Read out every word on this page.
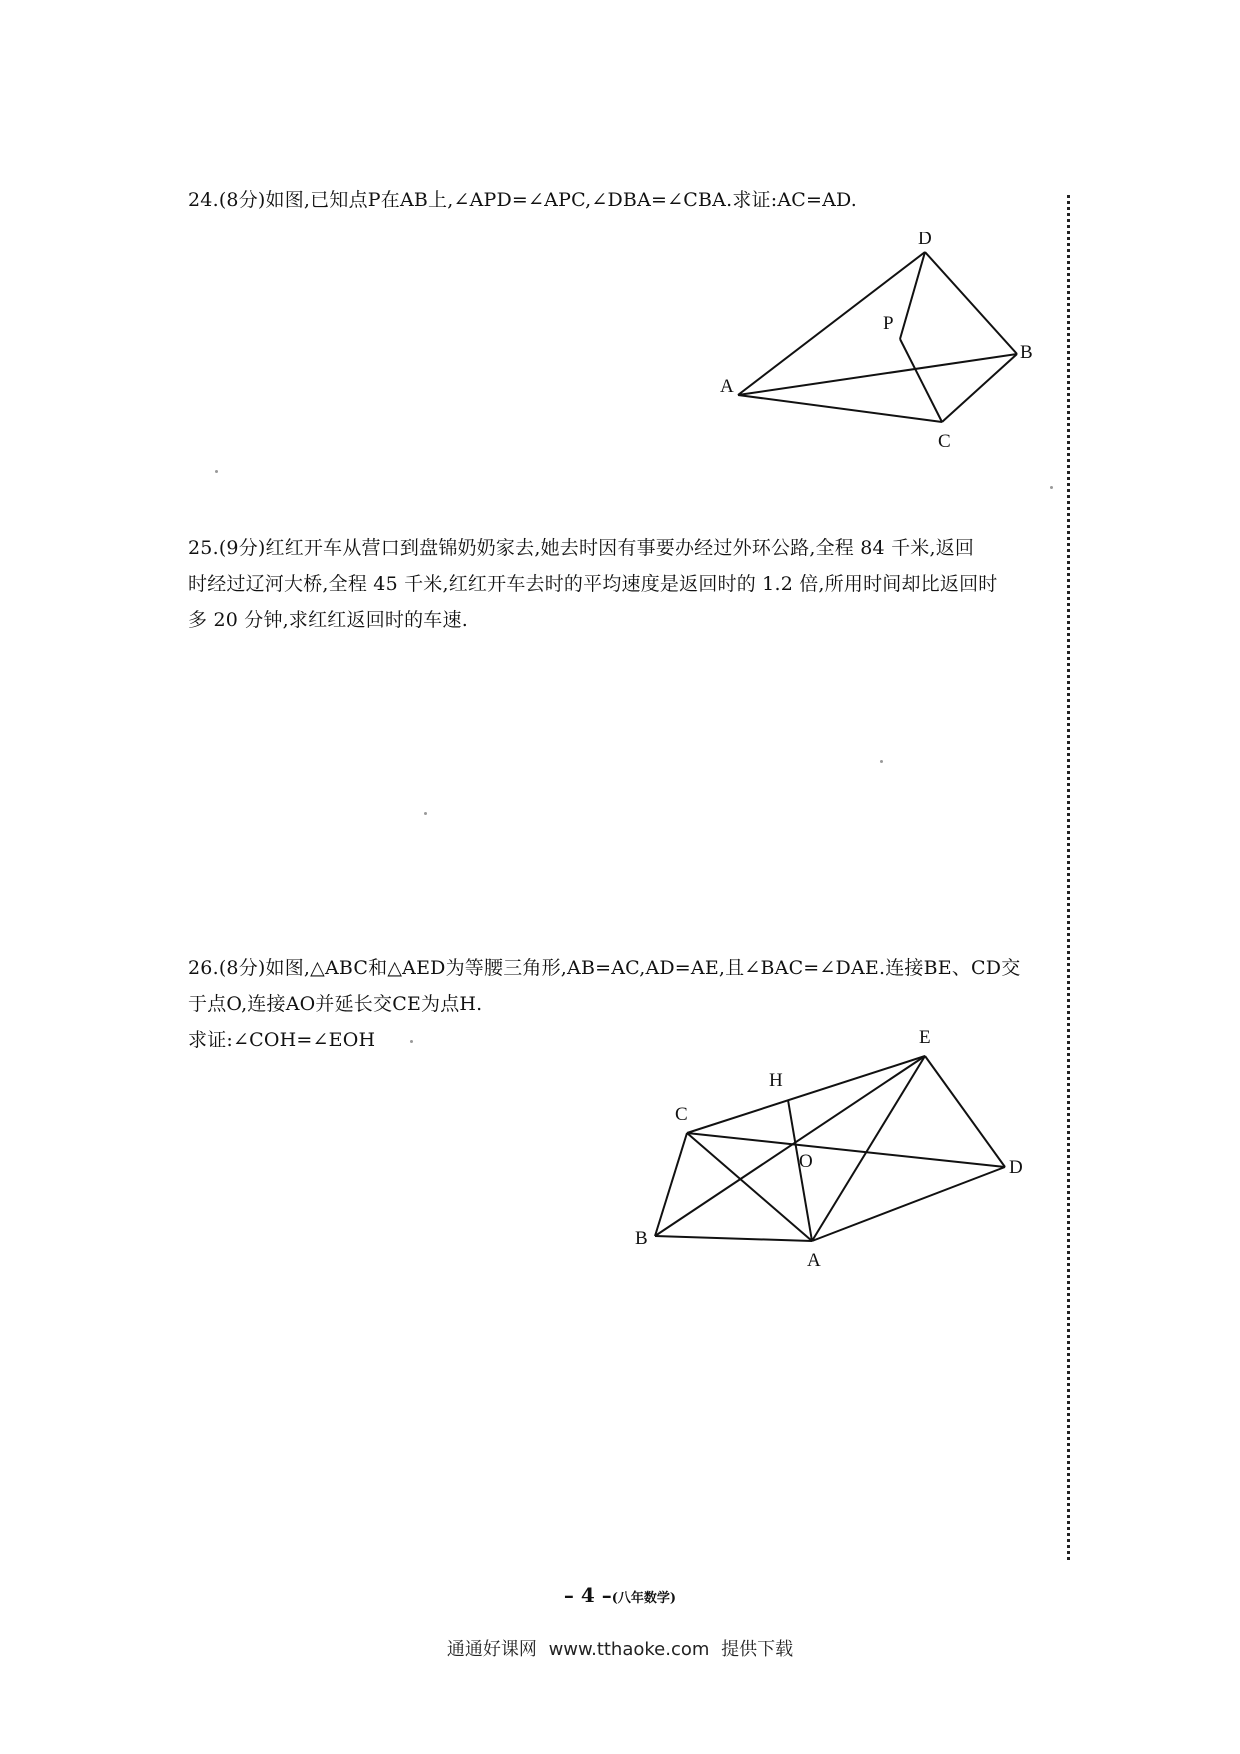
24.(8分)如图,已知点P在AB上,∠APD=∠APC,∠DBA=∠CBA.求证:AC=AD.

D
B
P
A
C

25.(9分)红红开车从营口到盘锦奶奶家去,她去时因有事要办经过外环公路,全程 84 千米,返回

时经过辽河大桥,全程 45 千米,红红开车去时的平均速度是返回时的 1.2 倍,所用时间却比返回时

多 20 分钟,求红红返回时的车速.

26.(8分)如图,△ABC和△AED为等腰三角形,AB=AC,AD=AE,且∠BAC=∠DAE.连接BE、CD交

于点O,连接AO并延长交CE为点H.

求证:∠COH=∠EOH	E
H
C
O	D
B
A
– 4 –(八年数学)
通通好课网 www.tthaoke.com 提供下载
